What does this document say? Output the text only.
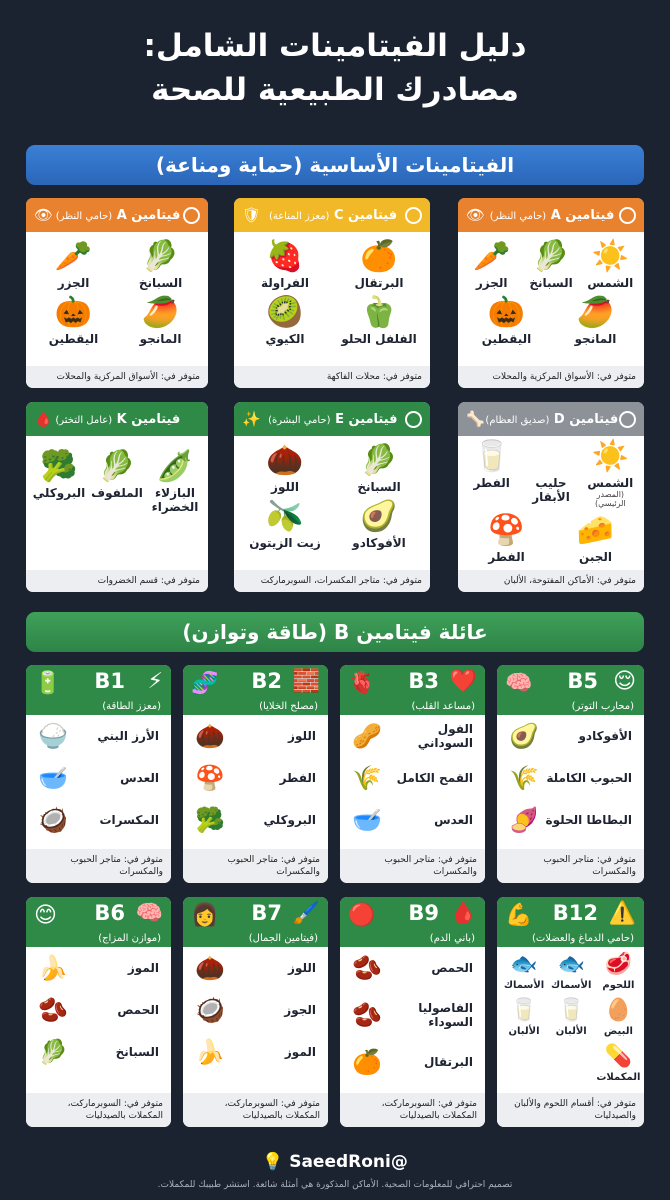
دليل الفيتامينات الشامل:
مصادرك الطبيعية للصحة
الفيتامينات الأساسية (حماية ومناعة)
فيتامين A (حامي النظر)
👁
☀️
الشمس
🥬
السبانخ
🥕
الجزر
🥭
المانجو
🎃
اليقطين
متوفر في: الأسواق المركزية والمحلات
فيتامين C (معزز المناعة)
🛡
🍊
البرتقال
🍓
الفراولة
🫑
الفلفل الحلو
🥝
الكيوي
متوفر في: محلات الفاكهة
فيتامين A (حامي النظر)
👁
🥬
السبانخ
🥕
الجزر
🥭
المانجو
🎃
اليقطين
متوفر في: الأسواق المركزية والمحلات
فيتامين D (صديق العظام)
🦴
☀️
الشمس
(المصدر الرئيسي)
حليب الأبقار
🥛
الفطر
🧀
الجبن
🍄
الفطر
متوفر في: الأماكن المفتوحة، الألبان
فيتامين E (حامي البشرة)
✨
🥬
السبانخ
🌰
اللوز
🥑
الأفوكادو
🫒
زيت الزيتون
متوفر في: متاجر المكسرات، السوبرماركت
فيتامين K (عامل التخثر)
🩸
🫛
البازلاء الخضراء
🥬
الملفوف
🥦
البروكلي
متوفر في: قسم الخضروات
عائلة فيتامين B (طاقة وتوازن)
😌
B5
🧠
(محارب التوتر)
الأفوكادو
🥑
الحبوب الكاملة
🌾
البطاطا الحلوة
🍠
متوفر في: متاجر الحبوب والمكسرات
❤️
B3
🫀
(مساعد القلب)
الفول السوداني
🥜
القمح الكامل
🌾
العدس
🥣
متوفر في: متاجر الحبوب والمكسرات
🧱
B2
🧬
(مصلح الخلايا)
اللوز
🌰
الفطر
🍄
البروكلي
🥦
متوفر في: متاجر الحبوب والمكسرات
⚡
B1
🔋
(معزز الطاقة)
الأرز البني
🍚
العدس
🥣
المكسرات
🥥
متوفر في: متاجر الحبوب والمكسرات
⚠️
B12
💪
(حامي الدماغ والعضلات)
🥩
اللحوم
🐟
الأسماك
🐟
الأسماك
🥚
البيض
🥛
الألبان
🥛
الألبان
💊
المكملات
متوفر في: أقسام اللحوم والألبان والصيدليات
🩸
B9
🔴
(باني الدم)
الحمص
🫘
الفاصوليا السوداء
🫘
البرتقال
🍊
متوفر في: السوبرماركت، المكملات بالصيدليات
🖌️
B7
👩
(فيتامين الجمال)
اللوز
🌰
الجوز
🥥
الموز
🍌
متوفر في: السوبرماركت، المكملات بالصيدليات
🧠
B6
😊
(موازن المزاج)
الموز
🍌
الحمص
🫘
السبانخ
🥬
متوفر في: السوبرماركت، المكملات بالصيدليات
@SaeedRoni 💡
تصميم احترافي للمعلومات الصحية. الأماكن المذكورة هي أمثلة شائعة. استشر طبيبك للمكملات.
